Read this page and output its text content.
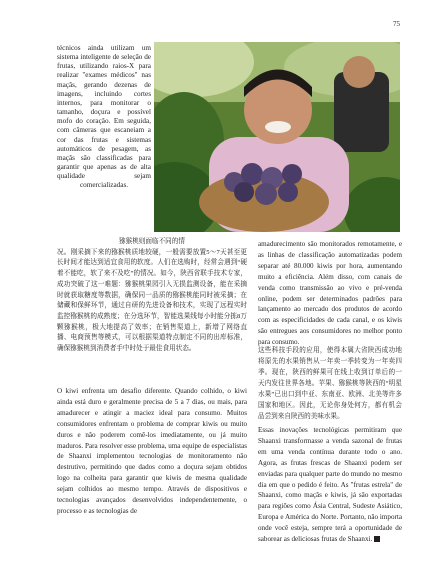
75

técnicos ainda utilizam um sistema inteligente de seleção de frutas, utilizando raios-X para realizar "exames médicos" nas maçãs, gerando dezenas de imagens, incluindo cortes internos, para monitorar o tamanho, doçura e possível mofo do coração. Em seguida, com câmeras que escaneiam a cor das frutas e sistemas automáticos de pesagem, as maçãs são classificadas para garantir que apenas as de alta qualidade sejam comercializadas.

猕猴桃则面临不同的情
况。刚采摘下来的猕猴桃质地较硬，一般需要放置5～7天甚至更长时间才能达到适宜食用的软度。人们在选购时，经常会遇到“硬着不能吃，软了来不及吃”的情况。如今，陕西省联手技术专家，成功突破了这一难题：猕猴桃果园引入无损监测设备，能在采摘时就获取糖度等数据，确保同一品质的猕猴桃能同时被采摘；在储藏和保鲜环节，通过自研的先进设备和技术，实现了远程实时监控猕猴桃的成熟度；在分选环节，智能选果线每小时能分拣8万颗猕猴桃，极大地提高了效率；在销售渠道上，新增了网络直播、电商预售等模式，可以根据渠道特点制定不同的出库标准，确保猕猴桃到消费者手中时处于最佳食用状态。

O kiwi enfrenta um desafio diferente. Quando colhido, o kiwi ainda está duro e geralmente precisa de 5 a 7 dias, ou mais, para amadurecer e atingir a maciez ideal para consumo. Muitos consumidores enfrentam o problema de comprar kiwis ou muito duros e não poderem comê-los imediatamente, ou já muito maduros. Para resolver esse problema, uma equipe de especialistas de Shaanxi implementou tecnologias de monitoramento não destrutivo, permitindo que dados como a doçura sejam obtidos logo na colheita para garantir que kiwis de mesma qualidade sejam colhidos ao mesmo tempo. Através de dispositivos e tecnologias avançados desenvolvidos independentemente, o processo e as tecnologias de

amadurecimento são monitorados remotamente, e as linhas de classificação automatizadas podem separar até 80.000 kiwis por hora, aumentando muito a eficiência. Além disso, com canais de venda como transmissão ao vivo e pré-venda online, podem ser determinados padrões para lançamento ao mercado dos produtos de acordo com as especificidades de cada canal, e os kiwis são entregues aos consumidores no melhor ponto para consumo.

这些科技手段的应用，使得本属大省陕西成功地将原先的水果销售从一年卖一季转变为一年卖四季。现在，陕西的鲜果可在线上收到订单后的一天内发往世界各地。苹果、猕猴桃等陕西的“明星水果”已出口到中亚、东南亚、欧洲、北美等许多国家和地区。因此，无论你身处何方，都有机会品尝到来自陕西的美味水果。

Essas inovações tecnológicas permitiram que Shaanxi transformasse a venda sazonal de frutas em uma venda contínua durante todo o ano. Agora, as frutas frescas de Shaanxi podem ser enviadas para qualquer parte do mundo no mesmo dia em que o pedido é feito. As "frutas estrela" de Shaanxi, como maçãs e kiwis, já são exportadas para regiões como Ásia Central, Sudeste Asiático, Europa e América do Norte. Portanto, não importa onde você esteja, sempre terá a oportunidade de saborear as deliciosas frutas de Shaanxi.
